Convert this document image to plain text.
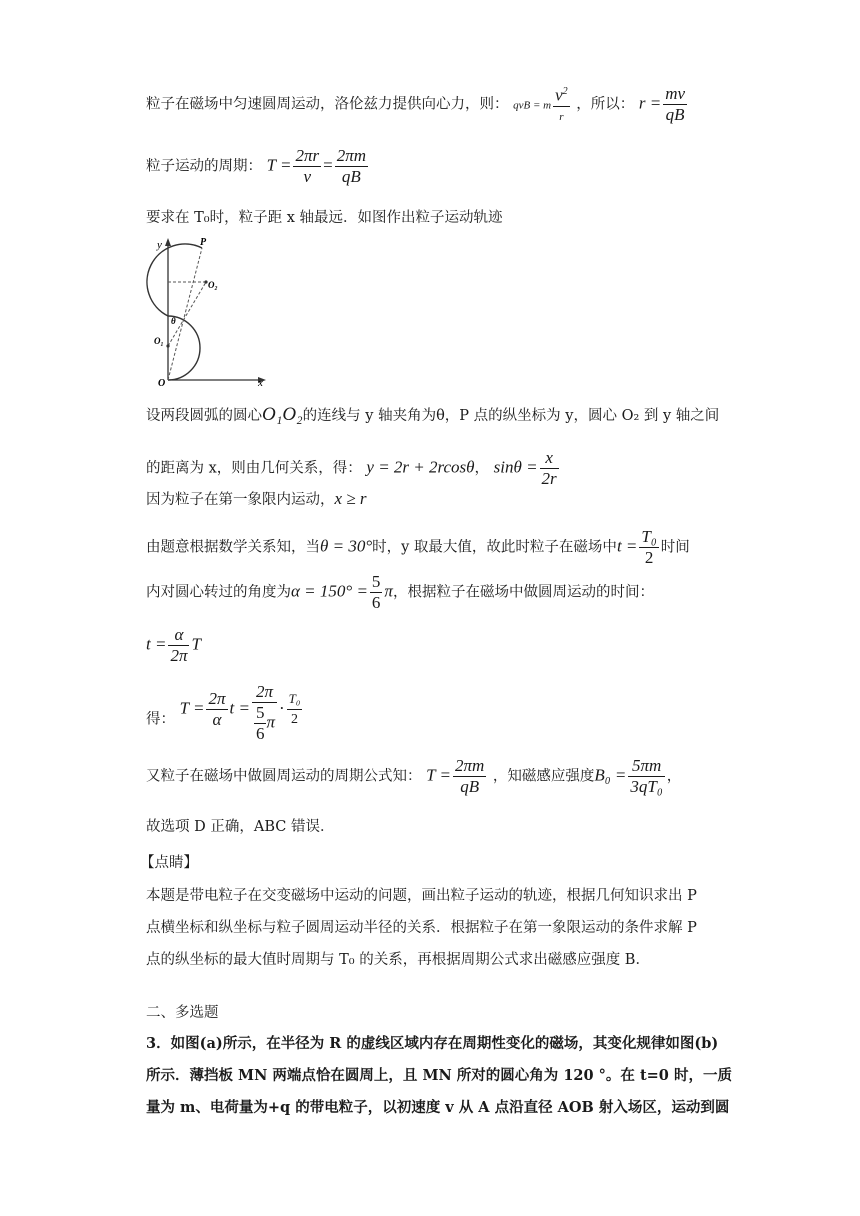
粒子在磁场中匀速圆周运动，洛伦兹力提供向心力，则： qvB = m $\frac{v^2}{r}$ ，所以： $r = \frac{mv}{qB}$
粒子运动的周期： $T = \frac{2\pi r}{v} = \frac{2\pi m}{qB}$
要求在 T₀时，粒子距 x 轴最远．如图作出粒子运动轨迹
y
x
P
O
O₁
O₂
θ
设两段圆弧的圆心O₁O₂的连线与 y 轴夹角为θ，P 点的纵坐标为 y，圆心 O₂ 到 y 轴之间
的距离为 x，则由几何关系，得： y = 2r + 2rcosθ， $\sin\theta = \frac{x}{2r}$
因为粒子在第一象限内运动，x ≥ r
由题意根据数学关系知，当θ = 30°时，y 取最大值，故此时粒子在磁场中$t = \frac{\text{T₀}}{2}$ 时间
内对圆心转过的角度为$\alpha = 150^\circ = \frac{5}{6}$ π，根据粒子在磁场中做圆周运动的时间：
$t = \frac{\alpha}{2\pi}$ T
得： $T = \frac{2\pi}{\alpha}$ $t = \frac{2\pi}{\frac{5}{6} \pi} \cdot \frac{\text{T₀}}{2}$
又粒子在磁场中做圆周运动的周期公式知： $T = \frac{2\pi m}{qB}$ ，知磁感应强度$B_0 = \frac{5\pi m}{\text{3qT₀}}$ ，
故选项 D 正确，ABC 错误．
【点睛】
本题是带电粒子在交变磁场中运动的问题，画出粒子运动的轨迹，根据几何知识求出 P
点横坐标和纵坐标与粒子圆周运动半径的关系．根据粒子在第一象限运动的条件求解 P
点的纵坐标的最大值时周期与 T₀ 的关系，再根据周期公式求出磁感应强度 B．
二、多选题
3．如图(a)所示，在半径为 R 的虚线区域内存在周期性变化的磁场，其变化规律如图(b)
所示．薄挡板 MN 两端点恰在圆周上，且 MN 所对的圆心角为 120 °。在 t=0 时，一质
量为 m、电荷量为+q 的带电粒子，以初速度 v 从 A 点沿直径 AOB 射入场区，运动到圆
